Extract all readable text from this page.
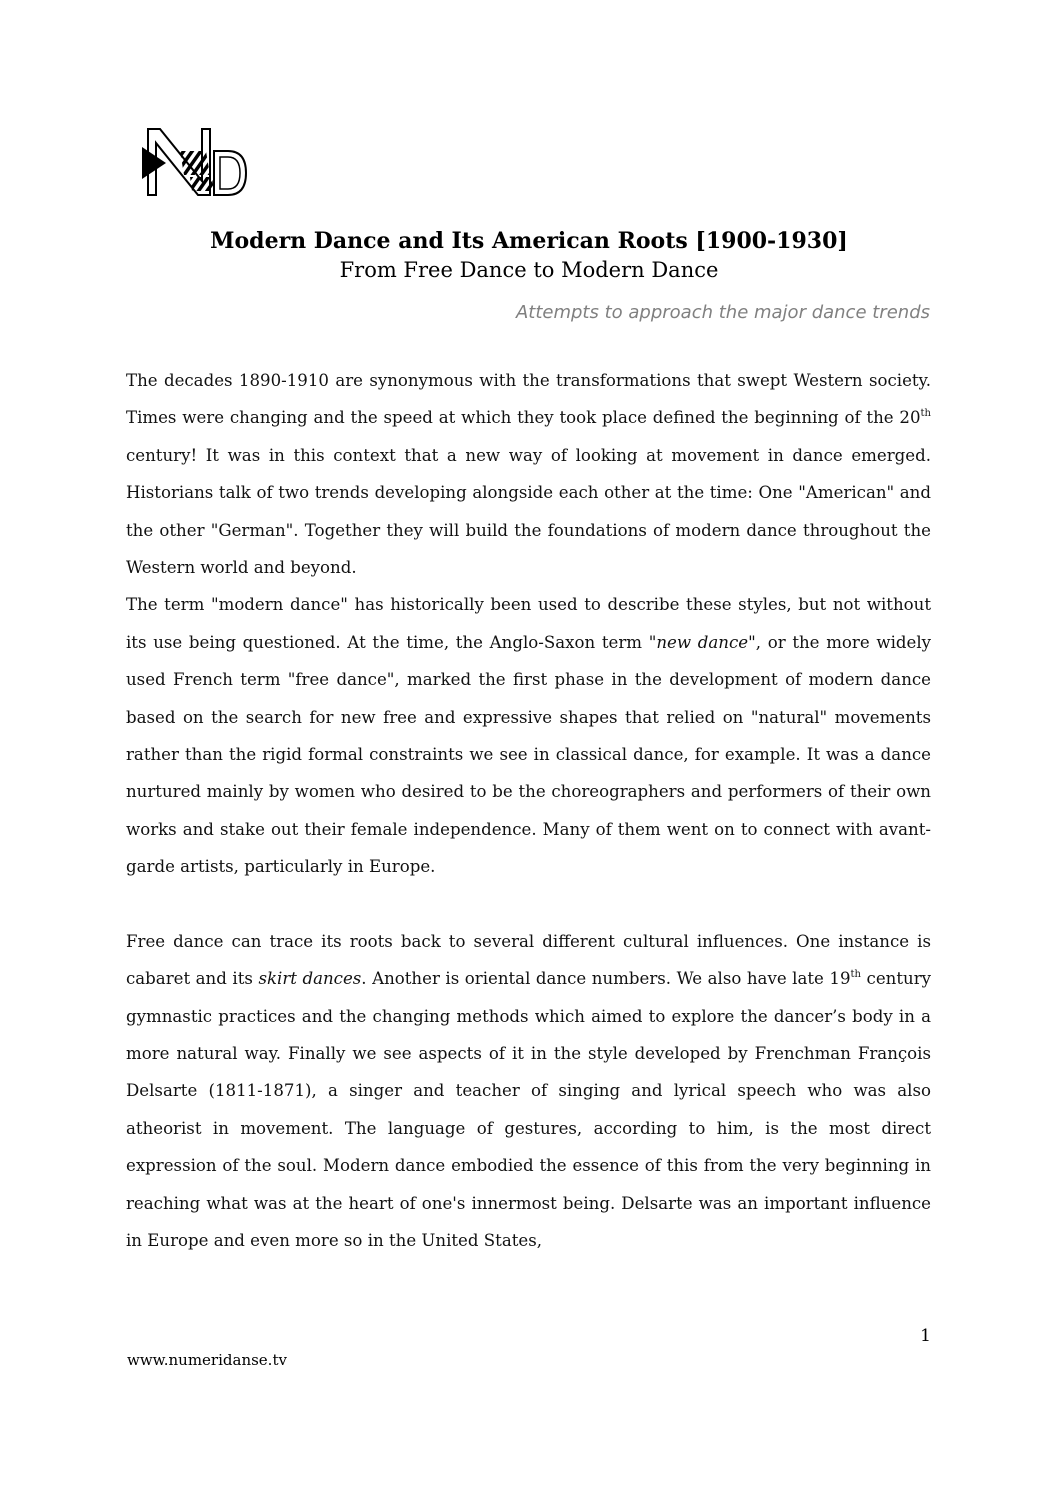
Modern Dance and Its American Roots [1900-1930]
From Free Dance to Modern Dance
Attempts to approach the major dance trends

The decades 1890-1910 are synonymous with the transformations that swept Western society. Times were changing and the speed at which they took place defined the beginning of the 20th century! It was in this context that a new way of looking at movement in dance emerged. Historians talk of two trends developing alongside each other at the time: One "American" and the other "German". Together they will build the foundations of modern dance throughout the Western world and beyond.

The term "modern dance" has historically been used to describe these styles, but not without its use being questioned. At the time, the Anglo-Saxon term "new dance", or the more widely used French term "free dance", marked the first phase in the development of modern dance based on the search for new free and expressive shapes that relied on "natural" movements rather than the rigid formal constraints we see in classical dance, for example. It was a dance nurtured mainly by women who desired to be the choreographers and performers of their own works and stake out their female independence. Many of them went on to connect with avant-garde artists, particularly in Europe.

Free dance can trace its roots back to several different cultural influences. One instance is cabaret and its skirt dances. Another is oriental dance numbers. We also have late 19th century gymnastic practices and the changing methods which aimed to explore the dancer’s body in a more natural way. Finally we see aspects of it in the style developed by Frenchman François Delsarte (1811-1871), a singer and teacher of singing and lyrical speech who was also atheorist in movement. The language of gestures, according to him, is the most direct expression of the soul. Modern dance embodied the essence of this from the very beginning in reaching what was at the heart of one's innermost being. Delsarte was an important influence in Europe and even more so in the United States,

1
www.numeridanse.tv
